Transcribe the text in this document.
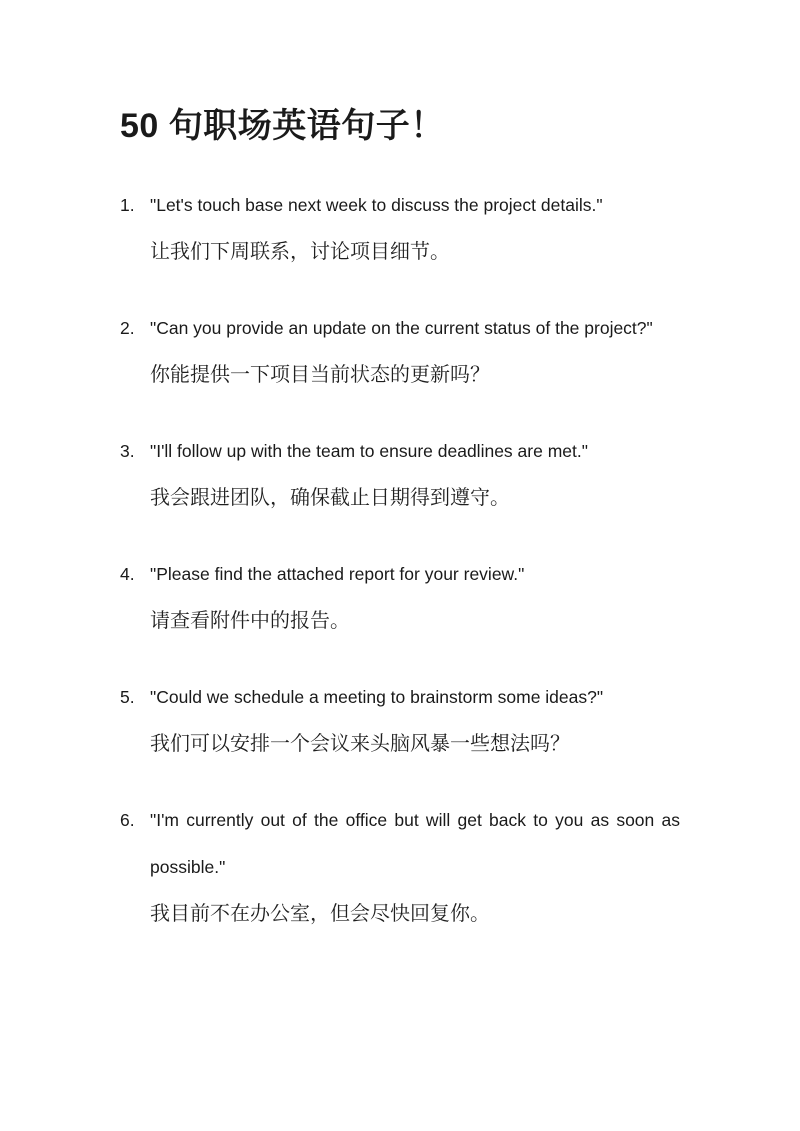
50 句职场英语句子！
1. "Let's touch base next week to discuss the project details."
让我们下周联系，讨论项目细节。
2. "Can you provide an update on the current status of the project?"
你能提供一下项目当前状态的更新吗？
3. "I'll follow up with the team to ensure deadlines are met."
我会跟进团队，确保截止日期得到遵守。
4. "Please find the attached report for your review."
请查看附件中的报告。
5. "Could we schedule a meeting to brainstorm some ideas?"
我们可以安排一个会议来头脑风暴一些想法吗？
6. "I'm currently out of the office but will get back to you as soon as possible."
我目前不在办公室，但会尽快回复你。
